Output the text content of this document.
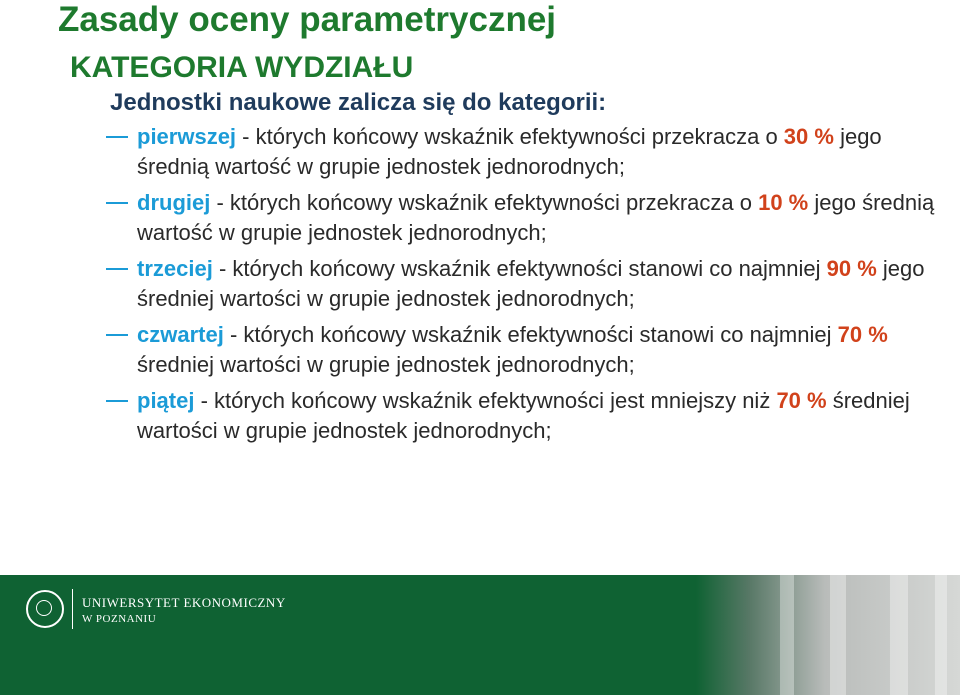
Zasady oceny parametrycznej
KATEGORIA WYDZIAŁU
Jednostki naukowe zalicza się do kategorii:
pierwszej - których końcowy wskaźnik efektywności przekracza o 30 % jego średnią wartość w grupie jednostek jednorodnych;
drugiej - których końcowy wskaźnik efektywności przekracza o 10 % jego średnią wartość w grupie jednostek jednorodnych;
trzeciej - których końcowy wskaźnik efektywności stanowi co najmniej 90 % jego średniej wartości w grupie jednostek jednorodnych;
czwartej - których końcowy wskaźnik efektywności stanowi co najmniej 70 % średniej wartości w grupie jednostek jednorodnych;
piątej - których końcowy wskaźnik efektywności jest mniejszy niż 70 % średniej wartości w grupie jednostek jednorodnych;
UNIWERSYTET EKONOMICZNY
W POZNANIU
